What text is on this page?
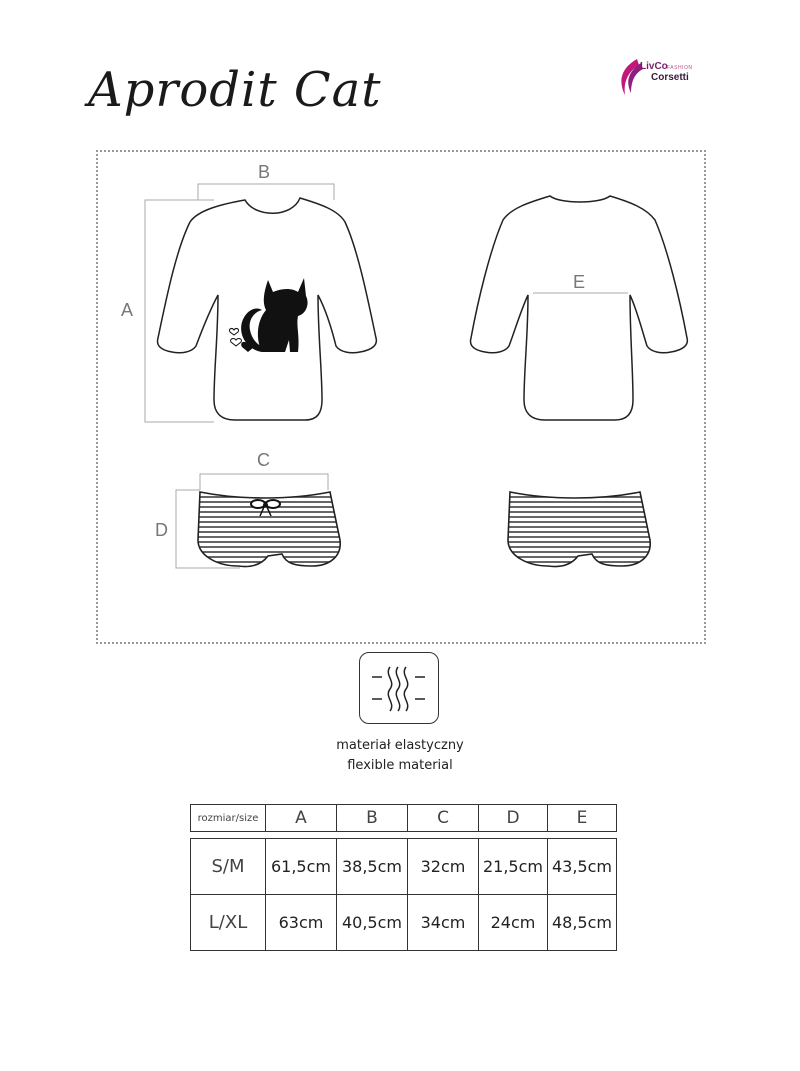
Aprodit Cat	LivCo FASHION
Corsetti
B
A
E
C
D
materiał elastyczny
flexible material
rozmiar/size	A	B	C	D	E

S/M	61,5cm	38,5cm	32cm	21,5cm	43,5cm
L/XL	63cm	40,5cm	34cm	24cm	48,5cm
